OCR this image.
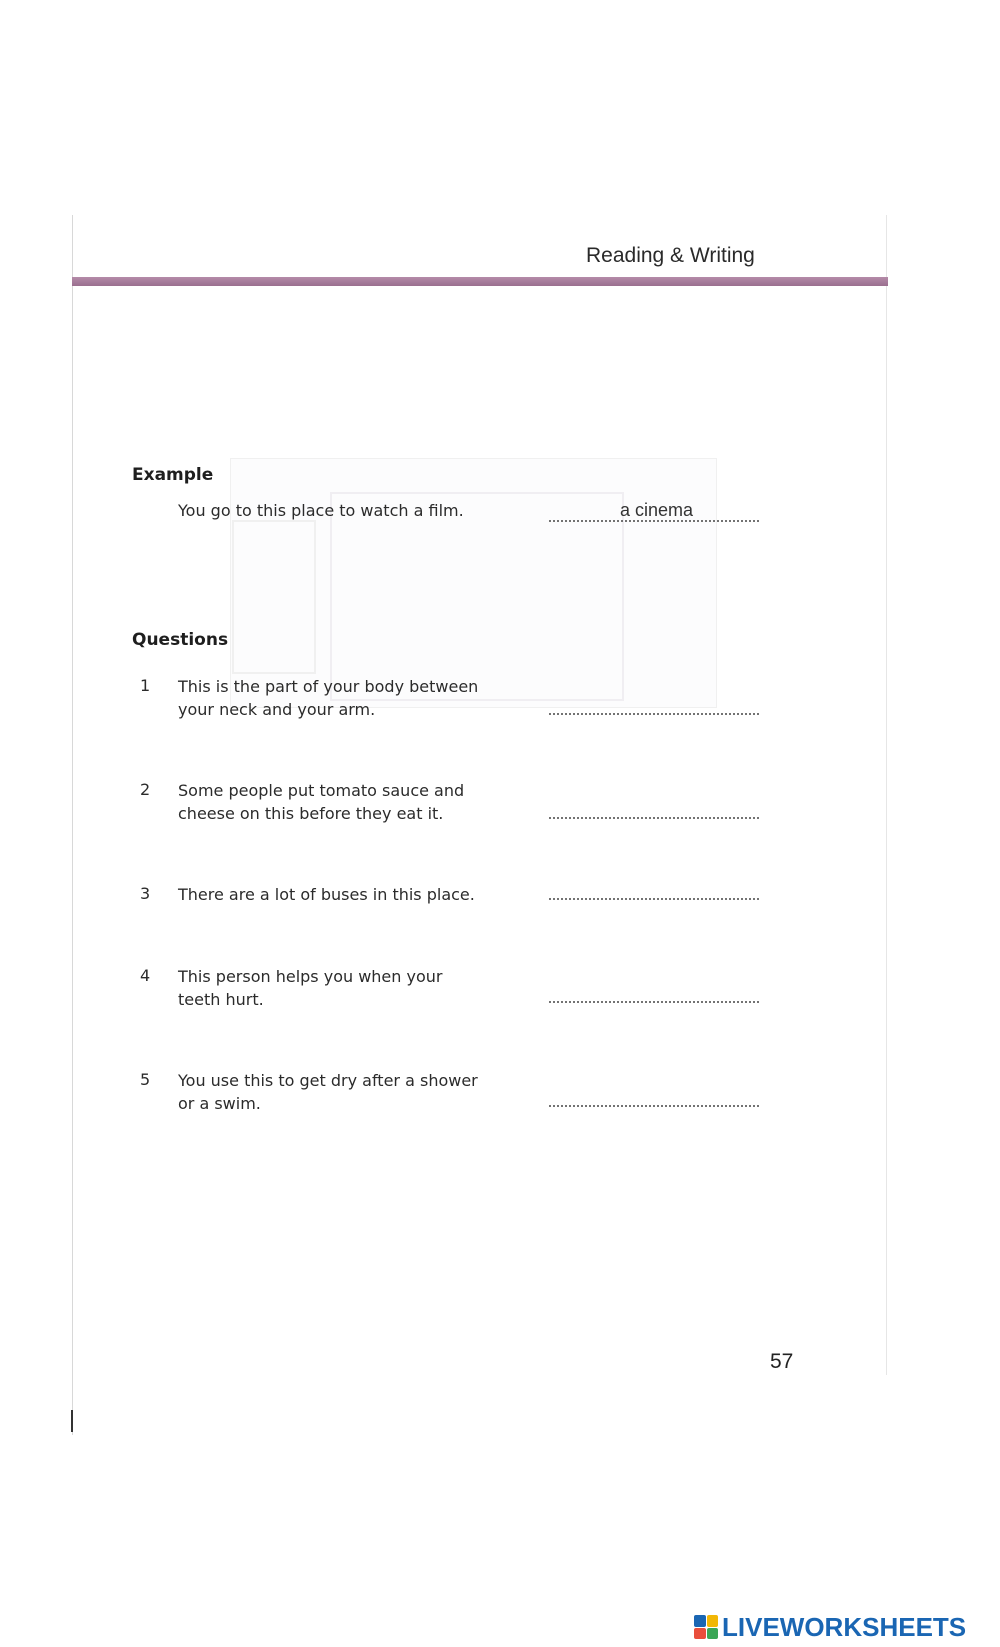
Reading & Writing
Example
You go to this place to watch a film.	a cinema
Questions
1 This is the part of your body between
your neck and your arm.
2 Some people put tomato sauce and
cheese on this before they eat it.
3 There are a lot of buses in this place.
4 This person helps you when your
teeth hurt.
5 You use this to get dry after a shower
or a swim.
57
LIVEWORKSHEETS
